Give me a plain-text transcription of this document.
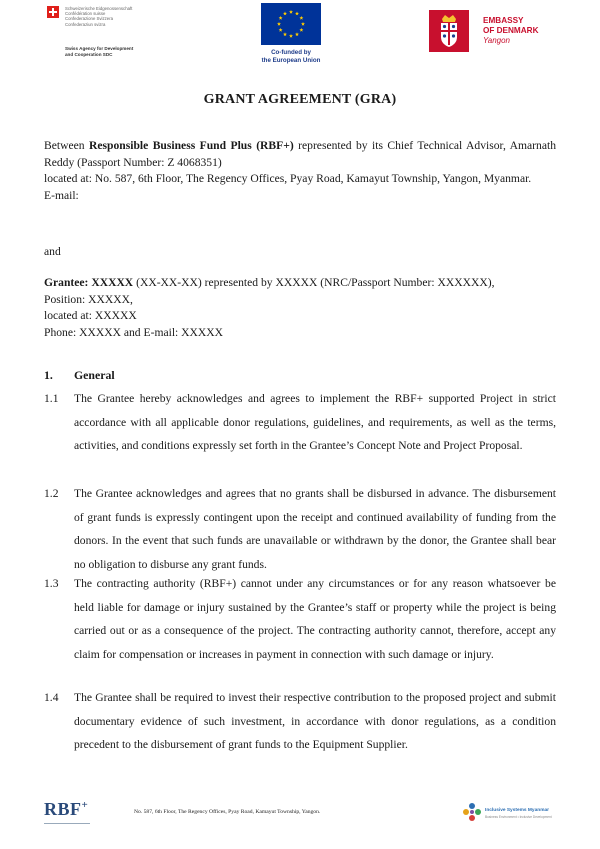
Schweizerische Eidgenossenschaft
Confédération suisse
Confederazione Svizzera
Confederaziun svizra
Swiss Agency for Development
and Cooperation SDC	Co-funded by
the European Union
EMBASSY
OF DENMARK
Yangon
GRANT AGREEMENT (GRA)
Between Responsible Business Fund Plus (RBF+) represented by its Chief Technical Advisor, Amarnath Reddy (Passport Number: Z 4068351)
located at: No. 587, 6th Floor, The Regency Offices, Pyay Road, Kamayut Township, Yangon, Myanmar.
E-mail:
and
Grantee: XXXXX (XX-XX-XX) represented by XXXXX (NRC/Passport Number: XXXXXX),
Position: XXXXX,
located at: XXXXX
Phone: XXXXX and E-mail: XXXXX
1. General
1.1 The Grantee hereby acknowledges and agrees to implement the RBF+ supported Project in strict accordance with all applicable donor regulations, guidelines, and requirements, as well as the terms, activities, and conditions expressly set forth in the Grantee’s Concept Note and Project Proposal.
1.2 The Grantee acknowledges and agrees that no grants shall be disbursed in advance. The disbursement of grant funds is expressly contingent upon the receipt and continued availability of funding from the donors. In the event that such funds are unavailable or withdrawn by the donor, the Grantee shall bear no obligation to disburse any grant funds.
1.3 The contracting authority (RBF+) cannot under any circumstances or for any reason whatsoever be held liable for damage or injury sustained by the Grantee’s staff or property while the project is being carried out or as a consequence of the project. The contracting authority cannot, therefore, accept any claim for compensation or increases in payment in connection with such damage or injury.
1.4 The Grantee shall be required to invest their respective contribution to the proposed project and submit documentary evidence of such investment, in accordance with donor regulations, as a condition precedent to the disbursement of grant funds to the Equipment Supplier.
RBF+
No. 587, 6th Floor, The Regency Offices, Pyay Road, Kamayut Township, Yangon.	Inclusive Systems Myanmar
Business Environment • Inclusive Development
